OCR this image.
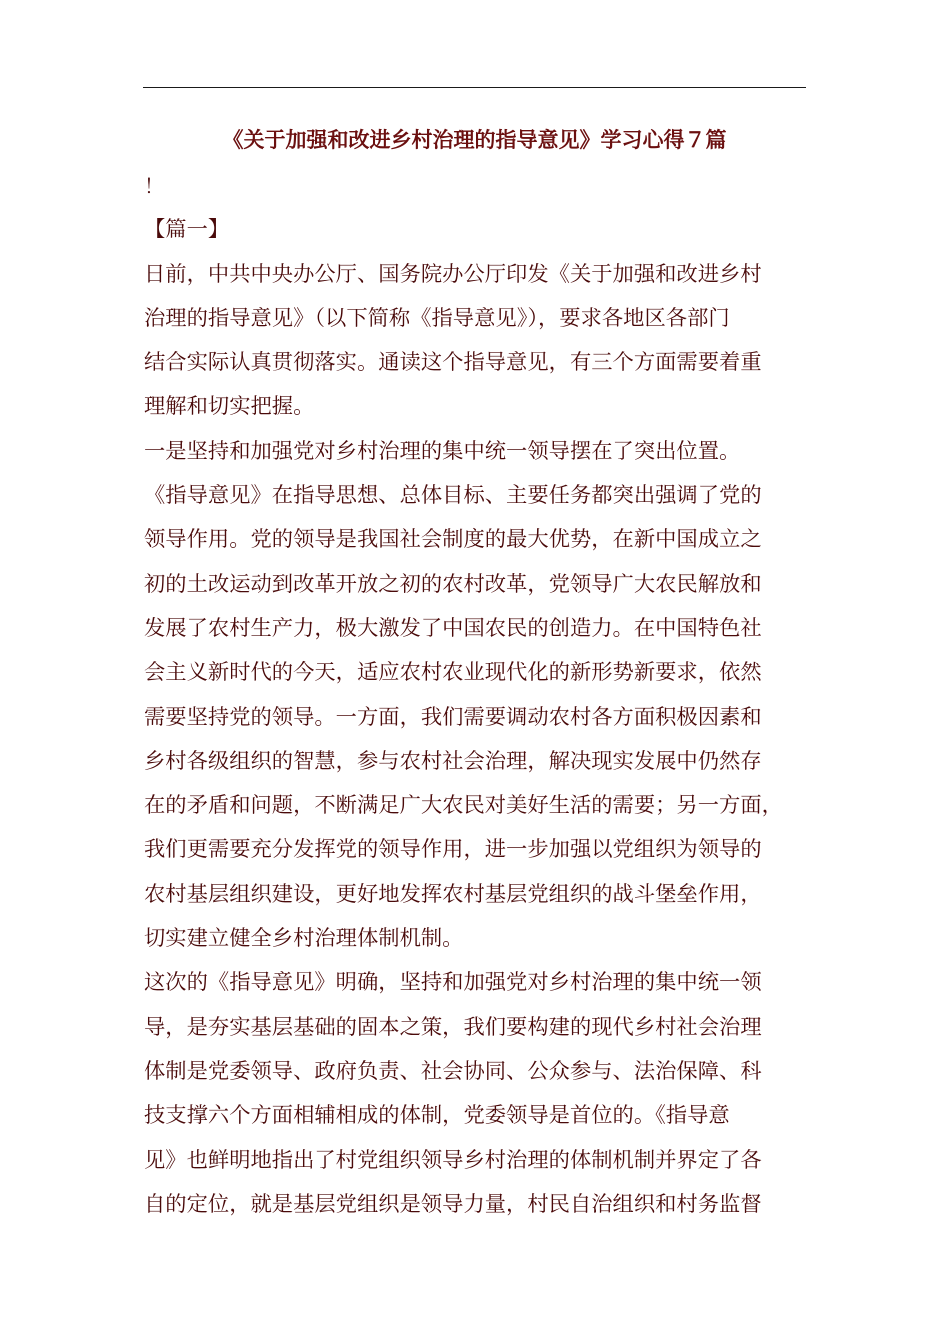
《关于加强和改进乡村治理的指导意见》学习心得７篇
！
【篇一】
日前，中共中央办公厅、国务院办公厅印发《关于加强和改进乡村
治理的指导意见》（以下简称《指导意见》），要求各地区各部门
结合实际认真贯彻落实。通读这个指导意见，有三个方面需要着重
理解和切实把握。
一是坚持和加强党对乡村治理的集中统一领导摆在了突出位置。
《指导意见》在指导思想、总体目标、主要任务都突出强调了党的
领导作用。党的领导是我国社会制度的最大优势，在新中国成立之
初的土改运动到改革开放之初的农村改革，党领导广大农民解放和
发展了农村生产力，极大激发了中国农民的创造力。在中国特色社
会主义新时代的今天，适应农村农业现代化的新形势新要求，依然
需要坚持党的领导。一方面，我们需要调动农村各方面积极因素和
乡村各级组织的智慧，参与农村社会治理，解决现实发展中仍然存
在的矛盾和问题，不断满足广大农民对美好生活的需要；另一方面，
我们更需要充分发挥党的领导作用，进一步加强以党组织为领导的
农村基层组织建设，更好地发挥农村基层党组织的战斗堡垒作用，
切实建立健全乡村治理体制机制。
这次的《指导意见》明确，坚持和加强党对乡村治理的集中统一领
导，是夯实基层基础的固本之策，我们要构建的现代乡村社会治理
体制是党委领导、政府负责、社会协同、公众参与、法治保障、科
技支撑六个方面相辅相成的体制，党委领导是首位的。《指导意
见》也鲜明地指出了村党组织领导乡村治理的体制机制并界定了各
自的定位，就是基层党组织是领导力量，村民自治组织和村务监督
